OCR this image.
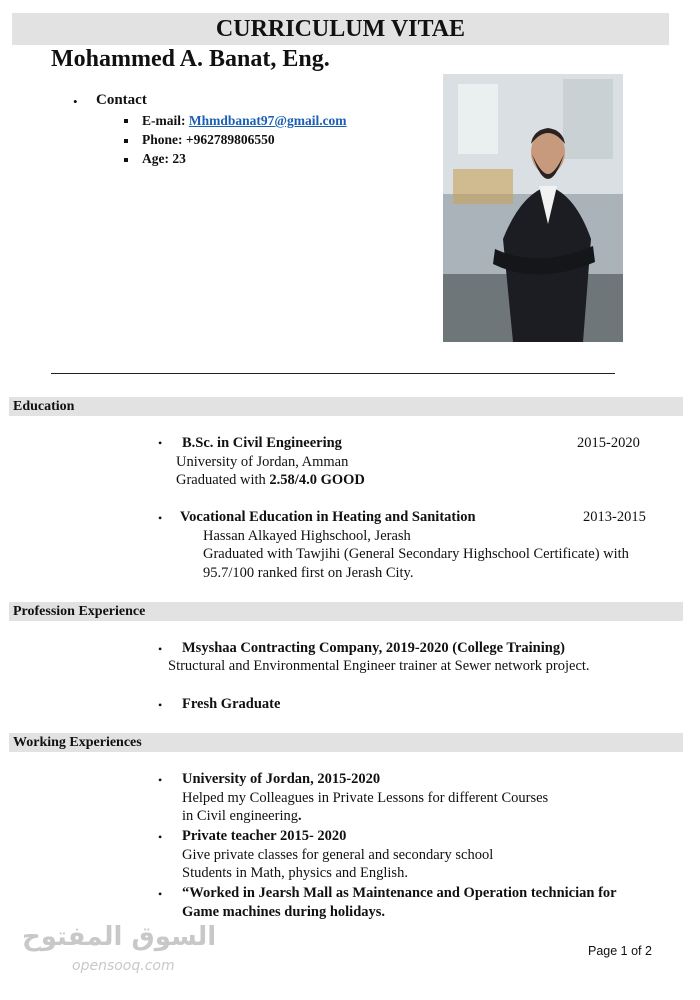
CURRICULUM VITAE
Mohammed A. Banat, Eng.
• Contact
E-mail: Mhmdbanat97@gmail.com
Phone: +962789806550
Age: 23
Education
• B.Sc. in Civil Engineering	2015-2020
University of Jordan, Amman
Graduated with 2.58/4.0 GOOD
• Vocational Education in Heating and Sanitation	2013-2015
Hassan Alkayed Highschool, Jerash
Graduated with Tawjihi (General Secondary Highschool Certificate) with
95.7/100 ranked first on Jerash City.
Profession Experience
• Msyshaa Contracting Company, 2019-2020 (College Training)
Structural and Environmental Engineer trainer at Sewer network project.
• Fresh Graduate
Working Experiences
• University of Jordan, 2015-2020
Helped my Colleagues in Private Lessons for different Courses
in Civil engineering.
• Private teacher 2015- 2020
Give private classes for general and secondary school
Students in Math, physics and English.
• “Worked in Jearsh Mall as Maintenance and Operation technician for
Game machines during holidays.
السوق المفتوح
opensooq.com
Page 1 of 2
